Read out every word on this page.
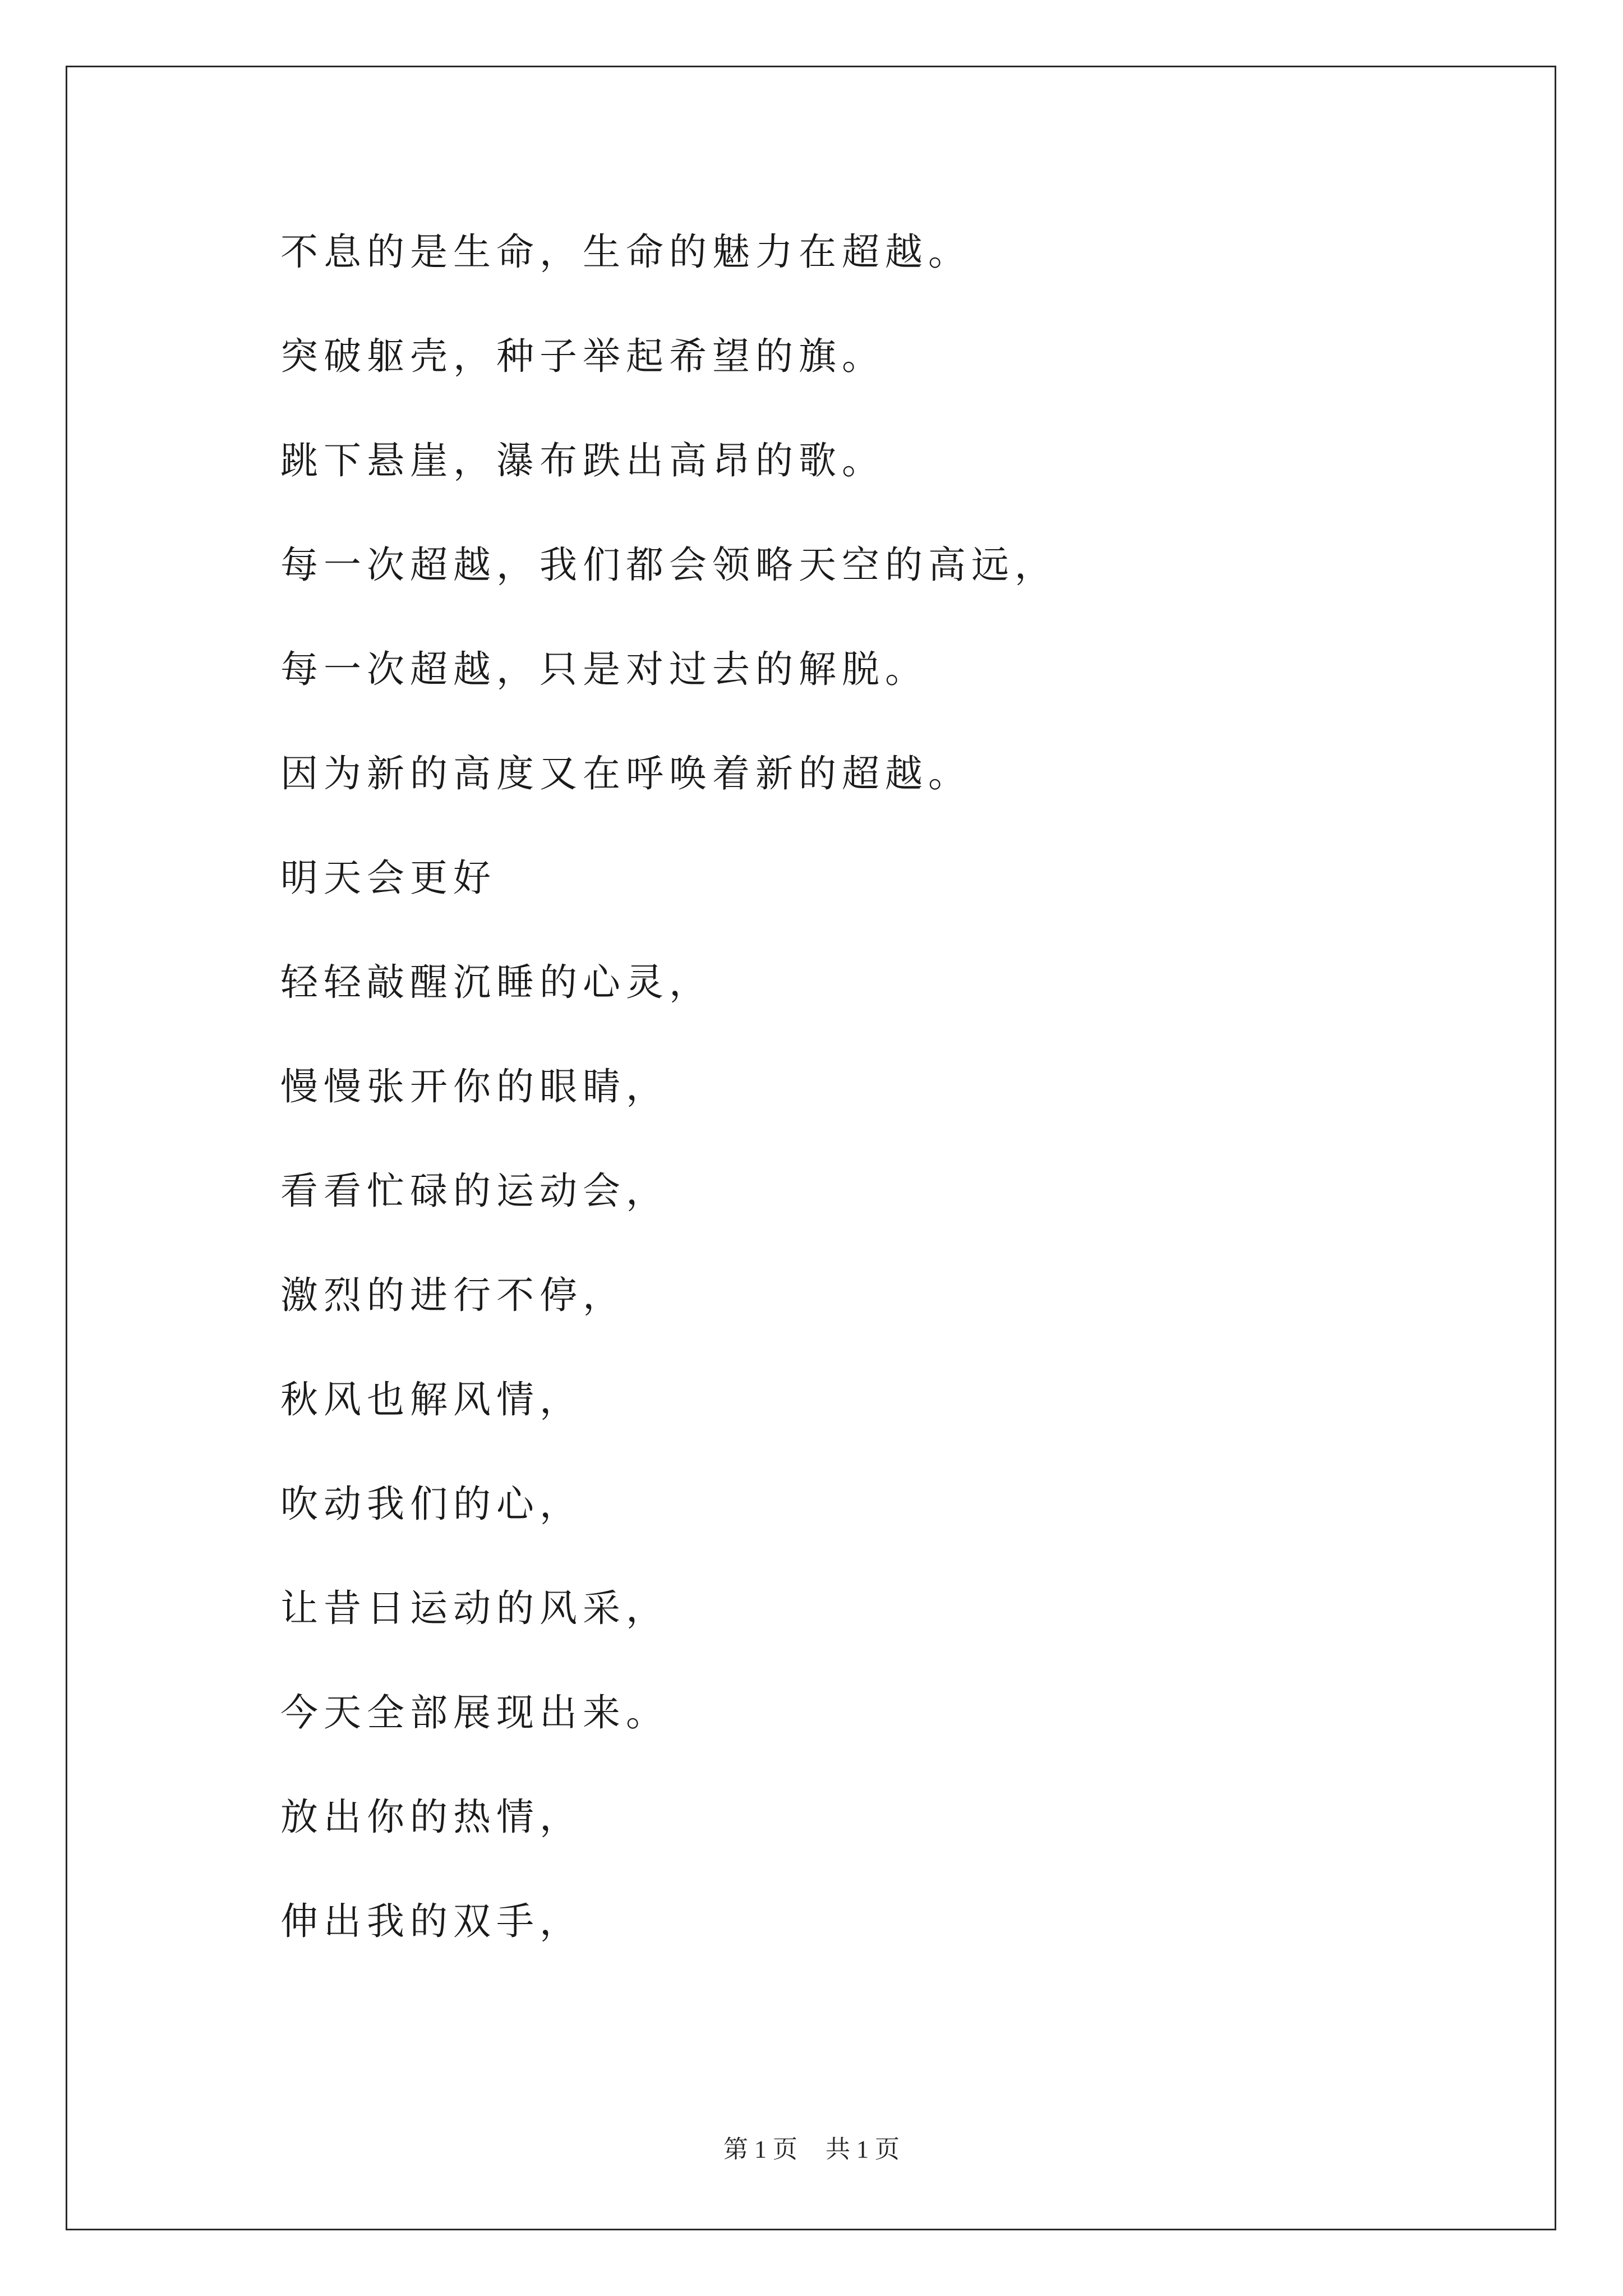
不息的是生命，生命的魅力在超越。
突破躯壳，种子举起希望的旗。
跳下悬崖，瀑布跌出高昂的歌。
每一次超越，我们都会领略天空的高远，
每一次超越，只是对过去的解脱。
因为新的高度又在呼唤着新的超越。
明天会更好
轻轻敲醒沉睡的心灵，
慢慢张开你的眼睛，
看看忙碌的运动会，
激烈的进行不停，
秋风也解风情，
吹动我们的心，
让昔日运动的风采，
今天全部展现出来。
放出你的热情，
伸出我的双手，
第 1 页 共 1 页
